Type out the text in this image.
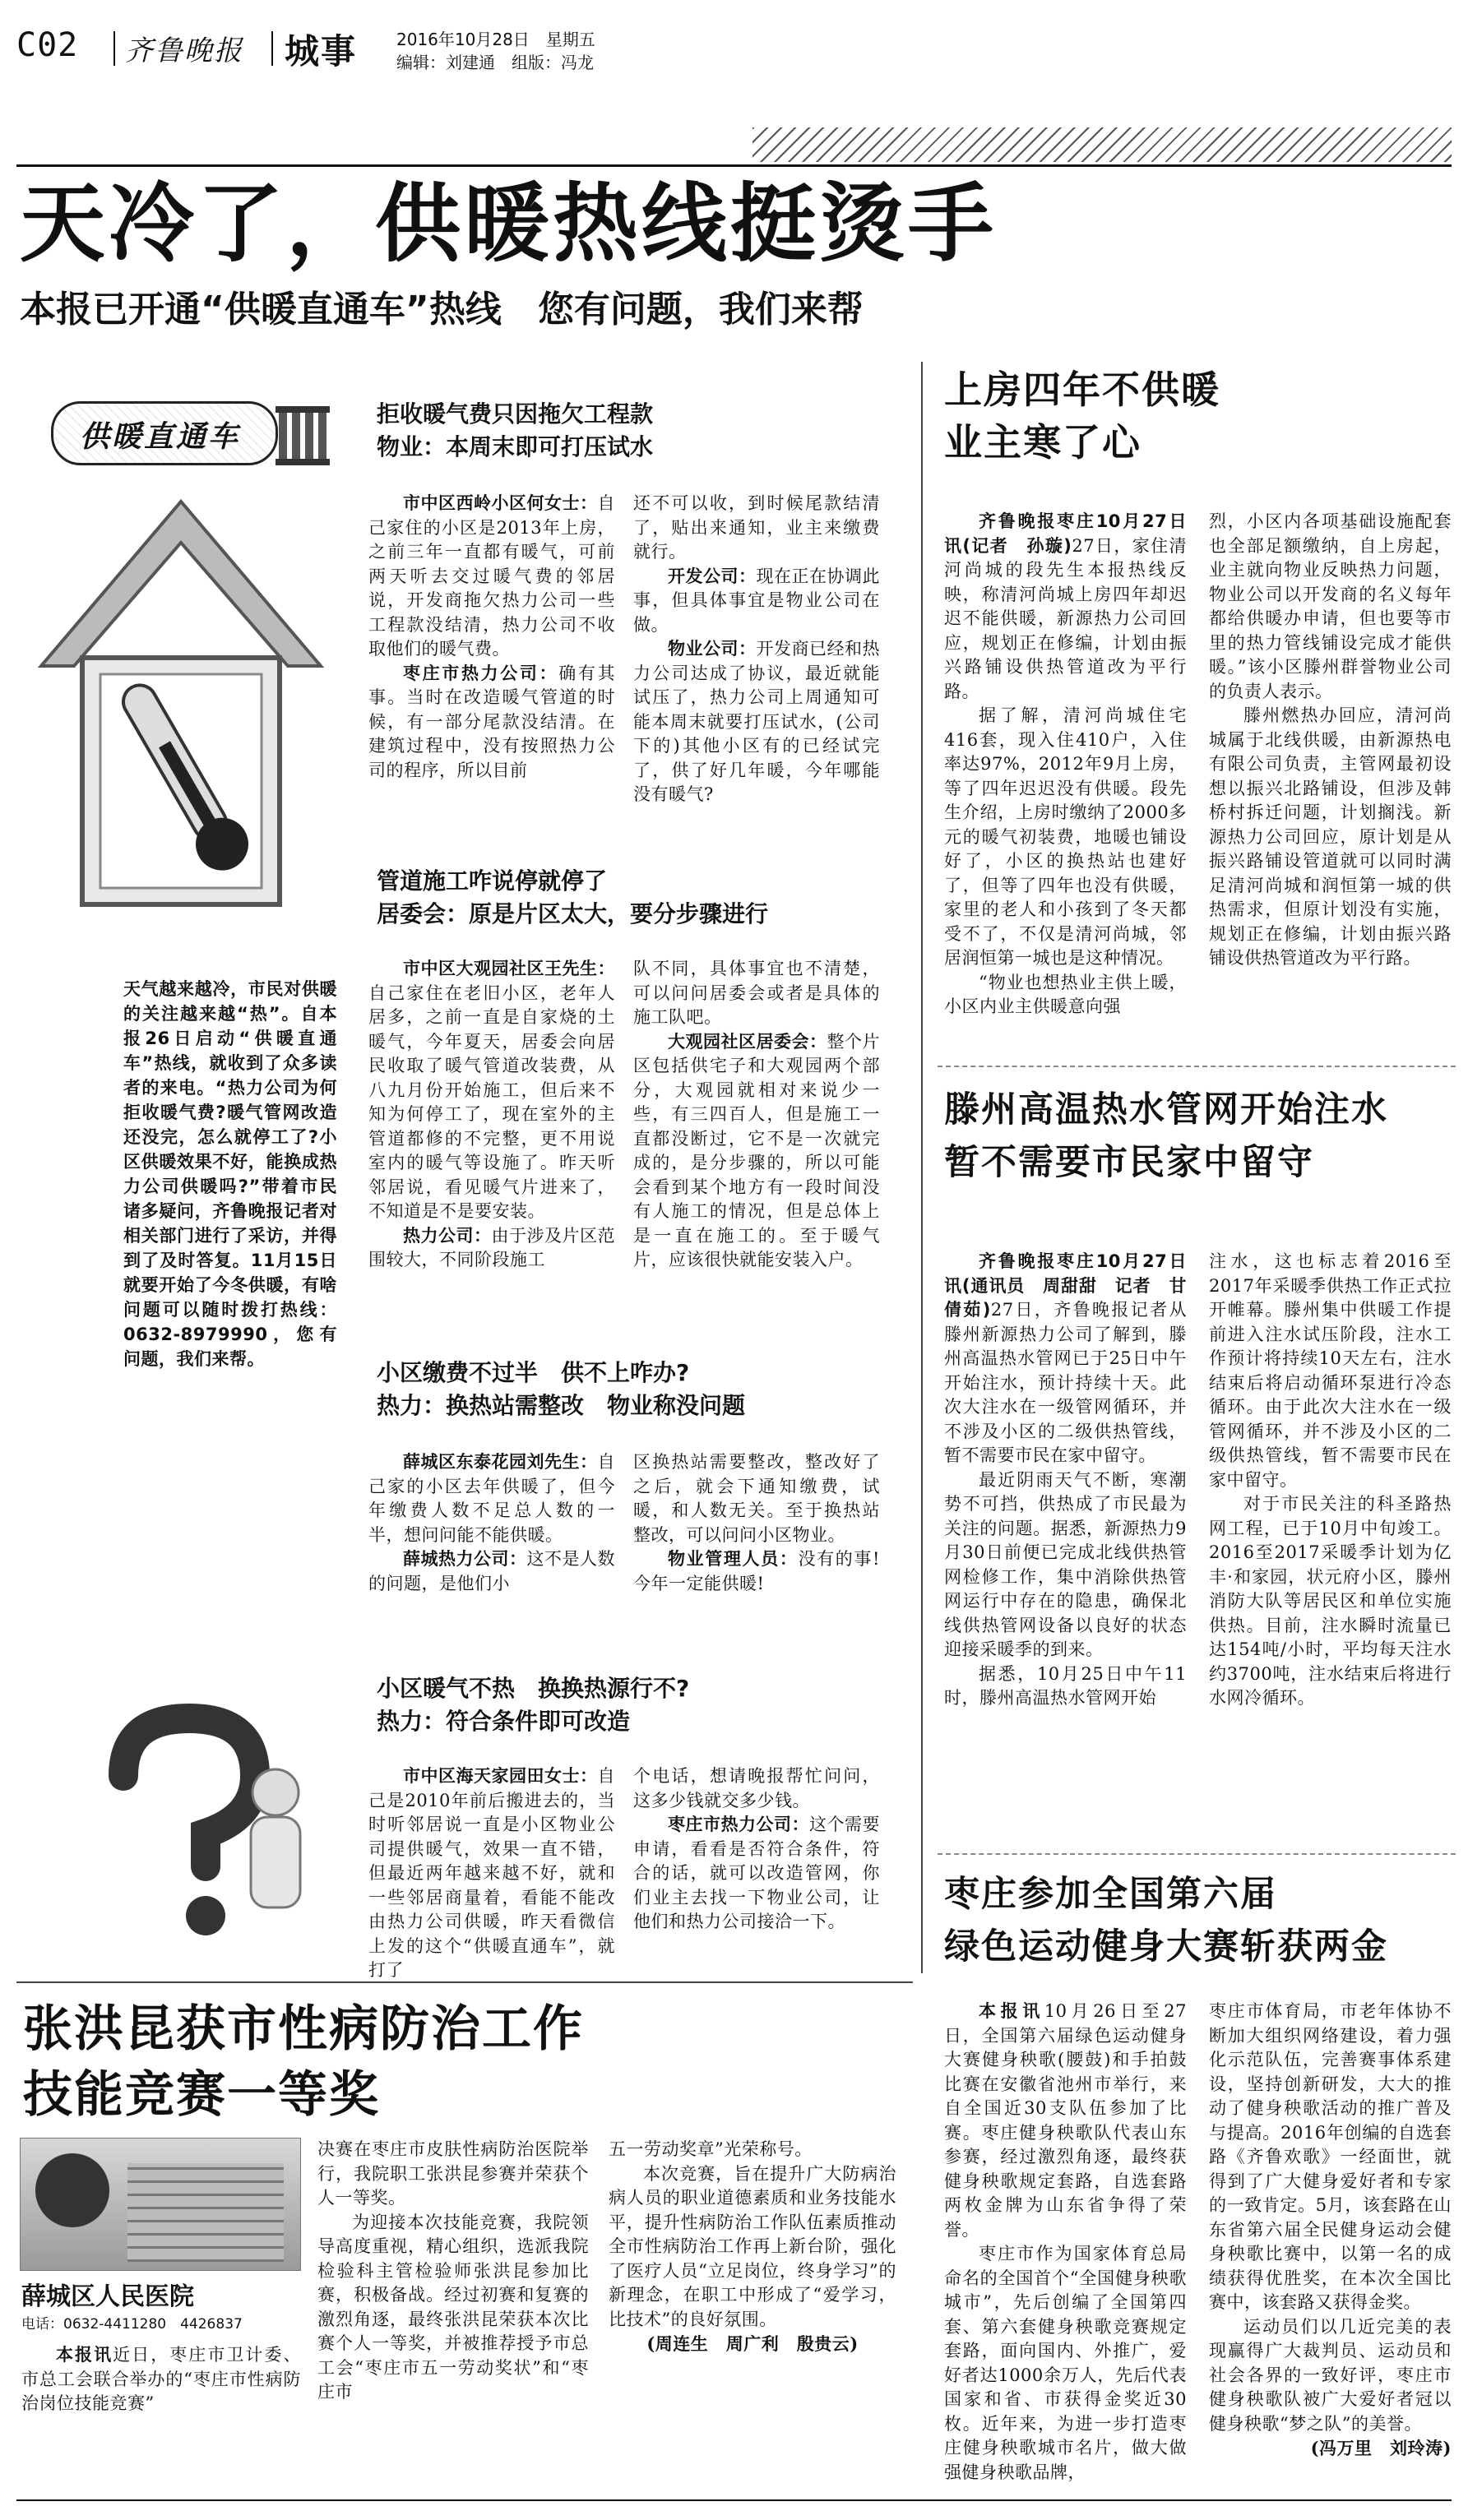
C02 齐鲁晚报 城事 2016年10月28日　星期五
编辑：刘建通　组版：冯龙
天冷了，供暖热线挺烫手
本报已开通“供暖直通车”热线　您有问题，我们来帮
供暖直通车
天气越来越冷，市民对供暖的关注越来越“热”。自本报26日启动“供暖直通车”热线，就收到了众多读者的来电。“热力公司为何拒收暖气费?暖气管网改造还没完，怎么就停工了?小区供暖效果不好，能换成热力公司供暖吗?”带着市民诸多疑问，齐鲁晚报记者对相关部门进行了采访，并得到了及时答复。11月15日就要开始了今冬供暖，有啥问题可以随时拨打热线：0632-8979990，您有问题，我们来帮。
拒收暖气费只因拖欠工程款
物业：本周末即可打压试水

市中区西岭小区何女士：自己家住的小区是2013年上房，之前三年一直都有暖气，可前两天听去交过暖气费的邻居说，开发商拖欠热力公司一些工程款没结清，热力公司不收取他们的暖气费。

枣庄市热力公司：确有其事。当时在改造暖气管道的时候，有一部分尾款没结清。在建筑过程中，没有按照热力公司的程序，所以目前

还不可以收，到时候尾款结清了，贴出来通知，业主来缴费就行。

开发公司：现在正在协调此事，但具体事宜是物业公司在做。

物业公司：开发商已经和热力公司达成了协议，最近就能试压了，热力公司上周通知可能本周末就要打压试水，(公司下的)其他小区有的已经试完了，供了好几年暖，今年哪能没有暖气?

管道施工咋说停就停了
居委会：原是片区太大，要分步骤进行

市中区大观园社区王先生：自己家住在老旧小区，老年人居多，之前一直是自家烧的土暖气，今年夏天，居委会向居民收取了暖气管道改装费，从八九月份开始施工，但后来不知为何停工了，现在室外的主管道都修的不完整，更不用说室内的暖气等设施了。昨天听邻居说，看见暖气片进来了，不知道是不是要安装。

热力公司：由于涉及片区范围较大，不同阶段施工

队不同，具体事宜也不清楚，可以问问居委会或者是具体的施工队吧。

大观园社区居委会：整个片区包括供宅子和大观园两个部分，大观园就相对来说少一些，有三四百人，但是施工一直都没断过，它不是一次就完成的，是分步骤的，所以可能会看到某个地方有一段时间没有人施工的情况，但是总体上是一直在施工的。至于暖气片，应该很快就能安装入户。

小区缴费不过半　供不上咋办?
热力：换热站需整改　物业称没问题

薛城区东泰花园刘先生：自己家的小区去年供暖了，但今年缴费人数不足总人数的一半，想问问能不能供暖。

薛城热力公司：这不是人数的问题，是他们小

区换热站需要整改，整改好了之后，就会下通知缴费，试暖，和人数无关。至于换热站整改，可以问问小区物业。

物业管理人员：没有的事!今年一定能供暖!

小区暖气不热　换换热源行不?
热力：符合条件即可改造

市中区海天家园田女士：自己是2010年前后搬进去的，当时听邻居说一直是小区物业公司提供暖气，效果一直不错，但最近两年越来越不好，就和一些邻居商量着，看能不能改由热力公司供暖，昨天看微信上发的这个“供暖直通车”，就打了

个电话，想请晚报帮忙问问，这多少钱就交多少钱。

枣庄市热力公司：这个需要申请，看看是否符合条件，符合的话，就可以改造管网，你们业主去找一下物业公司，让他们和热力公司接洽一下。

上房四年不供暖
业主寒了心

齐鲁晚报枣庄10月27日讯(记者　孙璇)27日，家住清河尚城的段先生本报热线反映，称清河尚城上房四年却迟迟不能供暖，新源热力公司回应，规划正在修编，计划由振兴路铺设供热管道改为平行路。

据了解，清河尚城住宅416套，现入住410户，入住率达97%，2012年9月上房，等了四年迟迟没有供暖。段先生介绍，上房时缴纳了2000多元的暖气初装费，地暖也铺设好了，小区的换热站也建好了，但等了四年也没有供暖，家里的老人和小孩到了冬天都受不了，不仅是清河尚城，邻居润恒第一城也是这种情况。

“物业也想热业主供上暖，小区内业主供暖意向强

烈，小区内各项基础设施配套也全部足额缴纳，自上房起，业主就向物业反映热力问题，物业公司以开发商的名义每年都给供暖办申请，但也要等市里的热力管线铺设完成才能供暖。”该小区滕州群誉物业公司的负责人表示。

滕州燃热办回应，清河尚城属于北线供暖，由新源热电有限公司负责，主管网最初设想以振兴北路铺设，但涉及韩桥村拆迁问题，计划搁浅。新源热力公司回应，原计划是从振兴路铺设管道就可以同时满足清河尚城和润恒第一城的供热需求，但原计划没有实施，规划正在修编，计划由振兴路铺设供热管道改为平行路。

滕州高温热水管网开始注水
暂不需要市民家中留守

齐鲁晚报枣庄10月27日讯(通讯员　周甜甜　记者　甘倩茹)27日，齐鲁晚报记者从滕州新源热力公司了解到，滕州高温热水管网已于25日中午开始注水，预计持续十天。此次大注水在一级管网循环，并不涉及小区的二级供热管线，暂不需要市民在家中留守。

最近阴雨天气不断，寒潮势不可挡，供热成了市民最为关注的问题。据悉，新源热力9月30日前便已完成北线供热管网检修工作，集中消除供热管网运行中存在的隐患，确保北线供热管网设备以良好的状态迎接采暖季的到来。

据悉，10月25日中午11时，滕州高温热水管网开始

注水，这也标志着2016至2017年采暖季供热工作正式拉开帷幕。滕州集中供暖工作提前进入注水试压阶段，注水工作预计将持续10天左右，注水结束后将启动循环泵进行冷态循环。由于此次大注水在一级管网循环，并不涉及小区的二级供热管线，暂不需要市民在家中留守。

对于市民关注的科圣路热网工程，已于10月中旬竣工。2016至2017采暖季计划为亿丰·和家园，状元府小区，滕州消防大队等居民区和单位实施供热。目前，注水瞬时流量已达154吨/小时，平均每天注水约3700吨，注水结束后将进行水网冷循环。

枣庄参加全国第六届
绿色运动健身大赛斩获两金

本报讯10月26日至27日，全国第六届绿色运动健身大赛健身秧歌(腰鼓)和手拍鼓比赛在安徽省池州市举行，来自全国近30支队伍参加了比赛。枣庄健身秧歌队代表山东参赛，经过激烈角逐，最终获健身秧歌规定套路，自选套路两枚金牌为山东省争得了荣誉。

枣庄市作为国家体育总局命名的全国首个“全国健身秧歌城市”，先后创编了全国第四套、第六套健身秧歌竞赛规定套路，面向国内、外推广，爱好者达1000余万人，先后代表国家和省、市获得金奖近30枚。近年来，为进一步打造枣庄健身秧歌城市名片，做大做强健身秧歌品牌，

枣庄市体育局，市老年体协不断加大组织网络建设，着力强化示范队伍，完善赛事体系建设，坚持创新研发，大大的推动了健身秧歌活动的推广普及与提高。2016年创编的自选套路《齐鲁欢歌》一经面世，就得到了广大健身爱好者和专家的一致肯定。5月，该套路在山东省第六届全民健身运动会健身秧歌比赛中，以第一名的成绩获得优胜奖，在本次全国比赛中，该套路又获得金奖。

运动员们以几近完美的表现赢得广大裁判员、运动员和社会各界的一致好评，枣庄市健身秧歌队被广大爱好者冠以健身秧歌“梦之队”的美誉。

(冯万里　刘玲涛)

张洪昆获市性病防治工作
技能竞赛一等奖
薛城区人民医院
电话：0632-4411280　4426837

本报讯近日，枣庄市卫计委、市总工会联合举办的“枣庄市性病防治岗位技能竞赛”

决赛在枣庄市皮肤性病防治医院举行，我院职工张洪昆参赛并荣获个人一等奖。

为迎接本次技能竞赛，我院领导高度重视，精心组织，选派我院检验科主管检验师张洪昆参加比赛，积极备战。经过初赛和复赛的激烈角逐，最终张洪昆荣获本次比赛个人一等奖，并被推荐授予市总工会“枣庄市五一劳动奖状”和“枣庄市

五一劳动奖章”光荣称号。

本次竞赛，旨在提升广大防病治病人员的职业道德素质和业务技能水平，提升性病防治工作队伍素质推动全市性病防治工作再上新台阶，强化了医疗人员“立足岗位，终身学习”的新理念，在职工中形成了“爱学习，比技术”的良好氛围。

(周连生　周广利　殷贵云)
